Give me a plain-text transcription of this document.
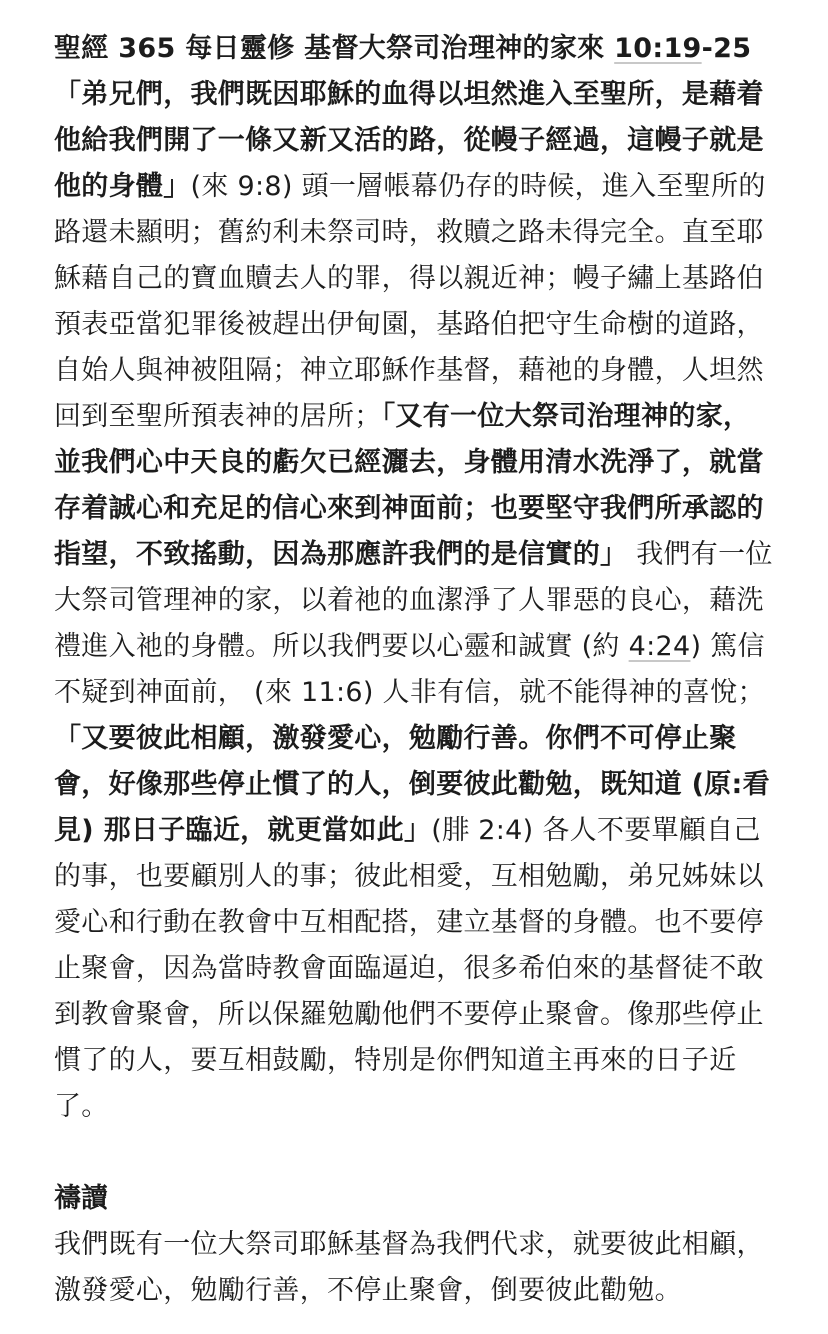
聖經 365 每日靈修 基督大祭司治理神的家來 10:19-25
「弟兄們，我們既因耶穌的血得以坦然進入至聖所，是藉着他給我們開了一條又新又活的路，從幔子經過，這幔子就是他的身體」(來 9:8) 頭一層帳幕仍存的時候，進入至聖所的路還未顯明；舊約利未祭司時，救贖之路未得完全。直至耶穌藉自己的寶血贖去人的罪，得以親近神；幔子繡上基路伯預表亞當犯罪後被趕出伊甸園，基路伯把守生命樹的道路，自始人與神被阻隔；神立耶穌作基督，藉祂的身體，人坦然回到至聖所預表神的居所；「又有一位大祭司治理神的家，並我們心中天良的虧欠已經灑去，身體用清水洗淨了，就當存着誠心和充足的信心來到神面前；也要堅守我們所承認的指望，不致搖動，因為那應許我們的是信實的」 我們有一位大祭司管理神的家，以着祂的血潔淨了人罪惡的良心，藉洗禮進入祂的身體。所以我們要以心靈和誠實 (約 4:24) 篤信不疑到神面前， (來 11:6) 人非有信，就不能得神的喜悅；「又要彼此相顧，激發愛心，勉勵行善。你們不可停止聚會，好像那些停止慣了的人，倒要彼此勸勉，既知道 (原:看見) 那日子臨近，就更當如此」(腓 2:4) 各人不要單顧自己的事，也要顧別人的事；彼此相愛，互相勉勵，弟兄姊妹以愛心和行動在教會中互相配搭，建立基督的身體。也不要停止聚會，因為當時教會面臨逼迫，很多希伯來的基督徒不敢到教會聚會，所以保羅勉勵他們不要停止聚會。像那些停止慣了的人，要互相鼓勵，特別是你們知道主再來的日子近了。

禱讀

我們既有一位大祭司耶穌基督為我們代求，就要彼此相顧，激發愛心，勉勵行善，不停止聚會，倒要彼此勸勉。
